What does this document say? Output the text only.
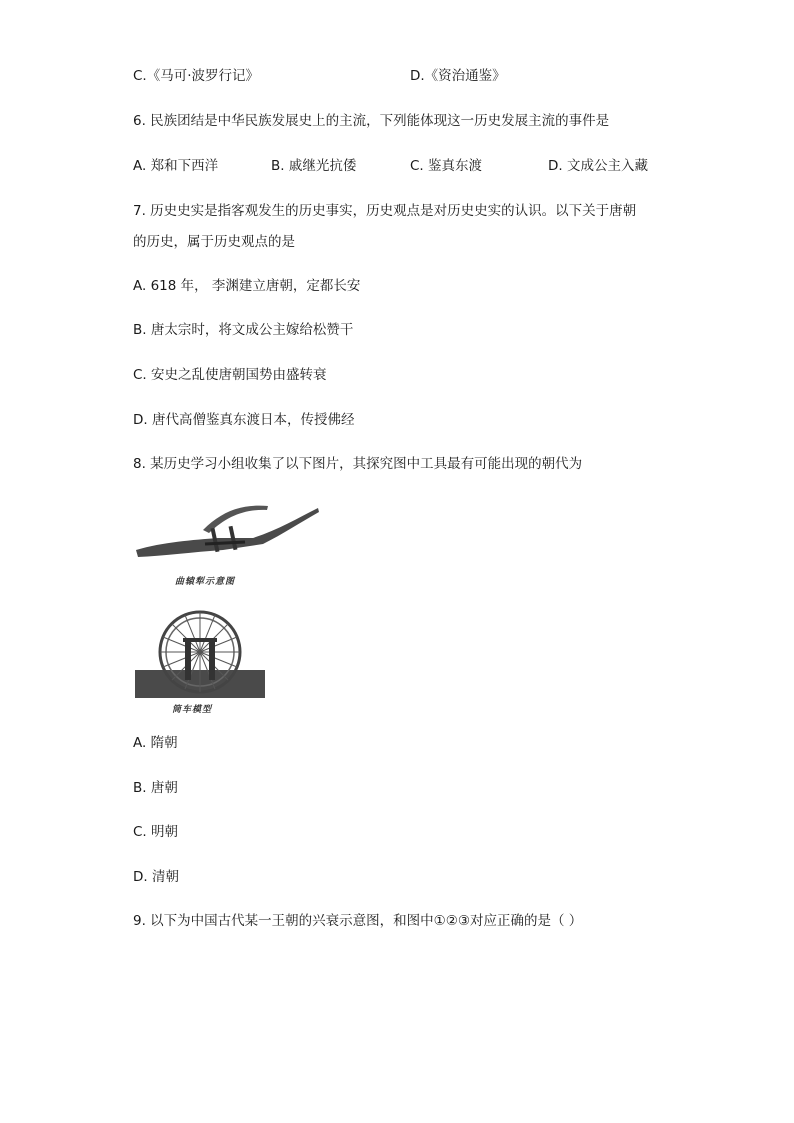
C.《马可·波罗行记》	D.《资治通鉴》
6. 民族团结是中华民族发展史上的主流，下列能体现这一历史发展主流的事件是
A. 郑和下西洋	B. 戚继光抗倭	C. 鉴真东渡	D. 文成公主入藏
7. 历史史实是指客观发生的历史事实，历史观点是对历史史实的认识。以下关于唐朝
的历史，属于历史观点的是
A. 618 年， 李渊建立唐朝，定都长安
B. 唐太宗时，将文成公主嫁给松赞干
C. 安史之乱使唐朝国势由盛转衰
D. 唐代高僧鉴真东渡日本，传授佛经
8. 某历史学习小组收集了以下图片，其探究图中工具最有可能出现的朝代为
曲辕犁示意图
筒车模型
A. 隋朝
B. 唐朝
C. 明朝
D. 清朝
9. 以下为中国古代某一王朝的兴衰示意图，和图中①②③对应正确的是（ ）
